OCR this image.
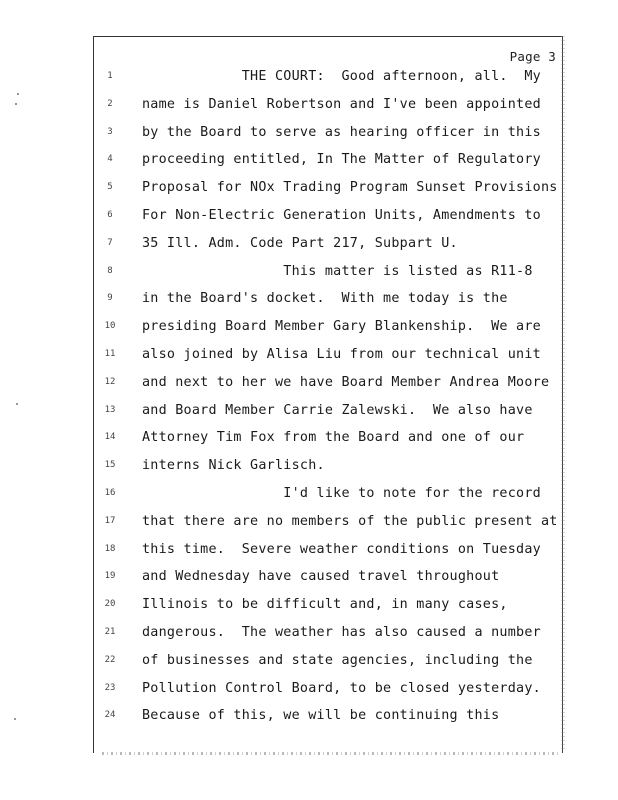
Page 3
1	THE COURT:  Good afternoon, all.  My
2	name is Daniel Robertson and I've been appointed
3	by the Board to serve as hearing officer in this
4	proceeding entitled, In The Matter of Regulatory
5	Proposal for NOx Trading Program Sunset Provisions
6	For Non-Electric Generation Units, Amendments to
7	35 Ill. Adm. Code Part 217, Subpart U.
8	This matter is listed as R11-8
9	in the Board's docket.  With me today is the
10	presiding Board Member Gary Blankenship.  We are
11	also joined by Alisa Liu from our technical unit
12	and next to her we have Board Member Andrea Moore
13	and Board Member Carrie Zalewski.  We also have
14	Attorney Tim Fox from the Board and one of our
15	interns Nick Garlisch.
16	I'd like to note for the record
17	that there are no members of the public present at
18	this time.  Severe weather conditions on Tuesday
19	and Wednesday have caused travel throughout
20	Illinois to be difficult and, in many cases,
21	dangerous.  The weather has also caused a number
22	of businesses and state agencies, including the
23	Pollution Control Board, to be closed yesterday.
24	Because of this, we will be continuing this
